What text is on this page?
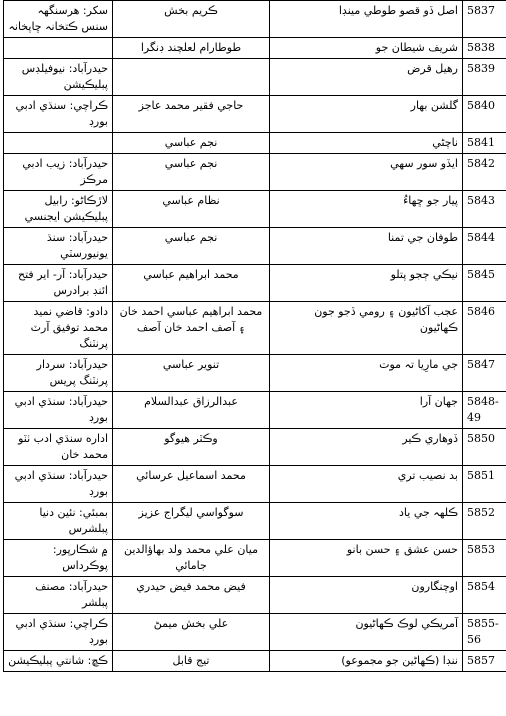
سکر: هرسنگهہ سنس ڪتخانہ ڇاپخانہ	ڪريم بخش	اصل ڏو قصو طوطي مينڊا	5837
	طوطارام لعلچند ڊنگرا	شريف شيطان جو	5838
حيدرآباد: نيوفيلڊس پبليڪيشن		رهيل قرض	5839
ڪراچي: سنڌي ادبي بورڊ	حاجي فقير محمد عاجز	گلشن بهار	5840
	نجم عباسي	ناچڻي	5841
حيدرآباد: زيب ادبي مرڪز	نجم عباسي	ايڏو سور سهي	5842
لاڙڪاڻو: رابيل پبليڪيشن ايجنسي	نظام عباسي	پيار جو ڇهاءُ	5843
حيدرآباد: سنڌ يونيورسٽي	نجم عباسي	طوفان جي تمنا	5844
حيدرآباد: آر- اير فتح ائنڊ برادرس	محمد ابراهيم عباسي	نيڪي ڄجو پتلو	5845
دادو: قاضي نميد محمد توفيق آرٽ پرنٽنگ	محمد ابراهيم عباسي احمد خان ۽ آصف احمد خان آصف	عجب آکاڻيون ۽ رومي ڏجو جون ڪهاڻيون	5846
حيدرآباد: سردار پرنٽنگ پريس	تنوير عباسي	جي مارِيا تہ موت	5847
حيدرآباد: سنڌي ادبي بورڊ	عبدالرزاق عبدالسلام	جهان آرا	5848-49
اداره سنڌي ادب ٺٽو محمد خان	وڪٽر هيوگو	ڏوهاري ڪير	5850
حيدرآباد: سنڌي ادبي بورڊ	محمد اسماعيل عرسائي	بد نصيب تري	5851
بمبئي: نئين دنيا پبلشرس	سوگواسي ليگراج عزيز	ڪلهہ جي ياد	5852
۾ شڪارپور: پوڪرداس	ميان علي محمد ولد بهاؤالدين جامائي	حسن عشق ۽ حسن بانو	5853
حيدرآباد: مصنف پبلشر	فيض محمد فيض حيدري	اوچنگارون	5854
ڪراچي: سنڌي ادبي بورڊ	علي بخش ميمڻ	آمريڪي لوڪ ڪهاڻيون	5855-56
ڪڇ: شانتي پبليڪيشن	تيج قابل	ننڊا (ڪهاڻين جو مجموعو)	5857
